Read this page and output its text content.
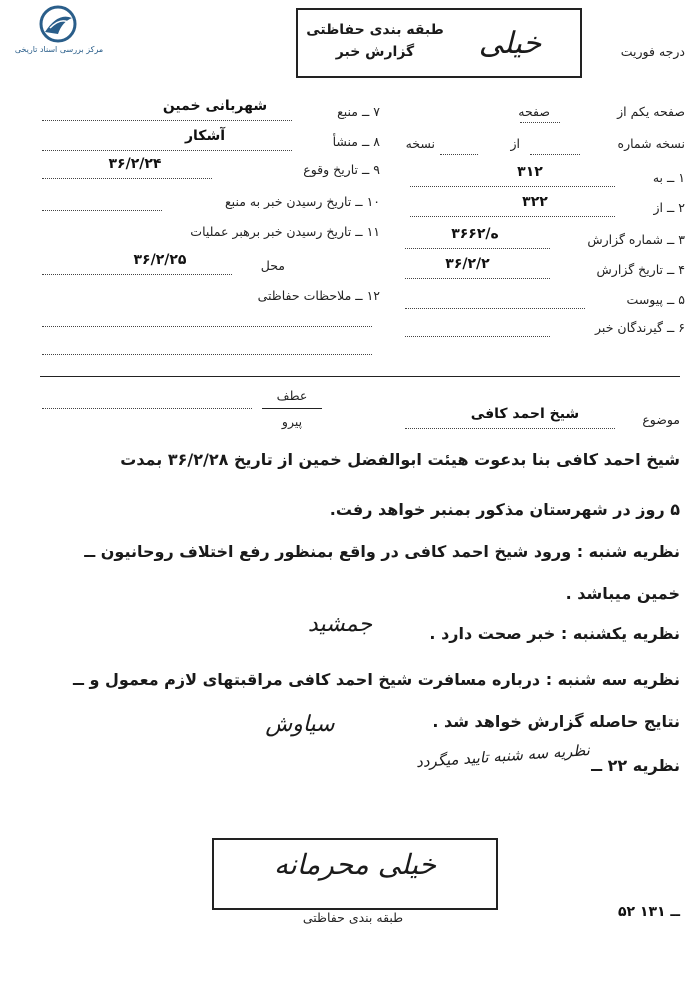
مرکز بررسی اسناد تاریخی
طبقه بندی حفاظتی
گزارش خبر	خیلی	درجه فوریت
صفحه یکم از
صفحه
نسخه شماره
از
نسخه
۱ ــ به
۳۱۲
۲ ــ از
۳۲۲
۳ ــ شماره گزارش
۳۶۶۲/ه
۴ ــ تاریخ گزارش
۳۶/۲/۲
۵ ــ پیوست
۶ ــ گیرندگان خبر
۷ ــ منبع
شهربانی خمین
۸ ــ منشأ
آشکار
۹ ــ تاریخ وقوع
۳۶/۲/۲۴
۱۰ ــ تاریخ رسیدن خبر به منبع
۱۱ ــ تاریخ رسیدن خبر برهبر عملیات
محل
۳۶/۲/۲۵
۱۲ ــ ملاحظات حفاظتی
موضوع
شیخ احمد کافی
عطف
پیرو
شیخ احمد کافی بنا بدعوت هیئت ابوالفضل خمین از تاریخ ۳۶/۲/۲۸ بمدت
۵ روز در شهرستان مذکور بمنبر خواهد رفت.
نظریه شنبه : ورود شیخ احمد کافی در واقع بمنظور رفع اختلاف روحانیون ــ
خمین میباشد .
نظریه یکشنبه : خبر صحت دارد .
جمشید
نظریه سه شنبه : درباره مسافرت شیخ احمد کافی مراقبتهای لازم معمول و ــ
نتایج حاصله گزارش خواهد شد .
سیاوش
نظریه ۲۲ ــ
نظریه سه شنبه تایید میگردد
خیلی محرمانه
طبقه بندی حفاظتی	۵۲ ــ ۱۳۱
